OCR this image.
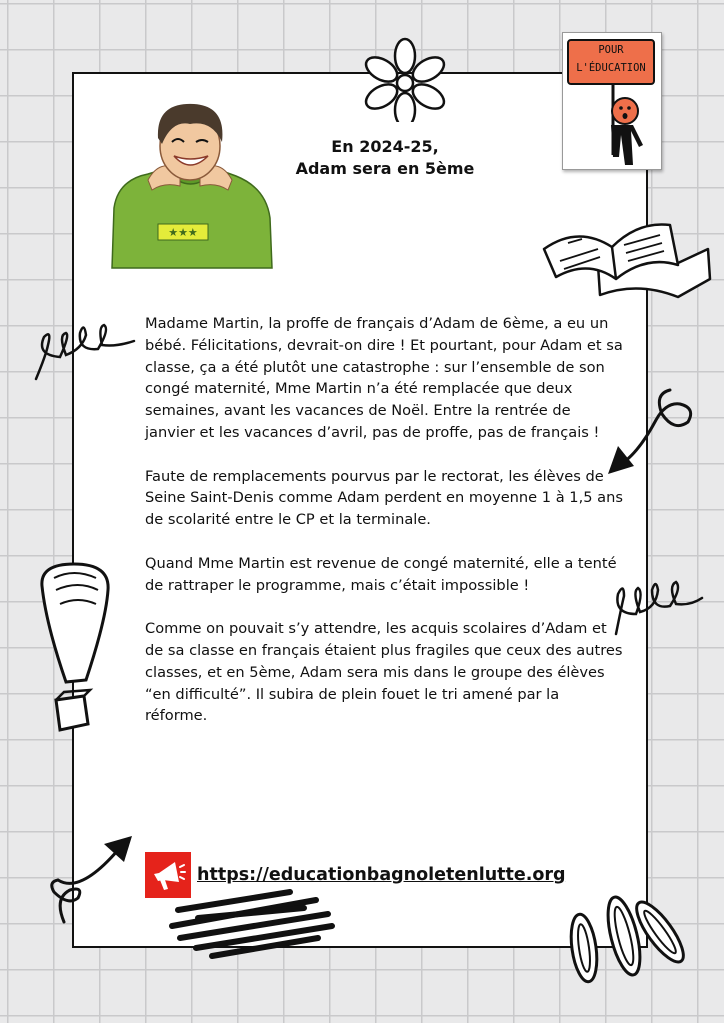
POUR
L'ÉDUCATION
★★★
En 2024-25,
Adam sera en 5ème

Madame Martin, la proffe de français d’Adam de 6ème, a eu un bébé. Félicitations, devrait-on dire ! Et pourtant, pour Adam et sa classe, ça a été plutôt une catastrophe : sur l’ensemble de son congé maternité, Mme Martin n’a été remplacée que deux semaines, avant les vacances de Noël. Entre la rentrée de janvier et les vacances d’avril, pas de proffe, pas de français !

Faute de remplacements pourvus par le rectorat, les élèves de Seine Saint-Denis comme Adam perdent en moyenne 1 à 1,5 ans de scolarité entre le CP et la terminale.

Quand Mme Martin est revenue de congé maternité, elle a tenté de rattraper le programme, mais c’était impossible !

Comme on pouvait s’y attendre, les acquis scolaires d’Adam et de sa classe en français étaient plus fragiles que ceux des autres classes, et en 5ème, Adam sera mis dans le groupe des élèves “en difficulté”. Il subira de plein fouet le tri amené par la réforme.

https://educationbagnoletenlutte.org
